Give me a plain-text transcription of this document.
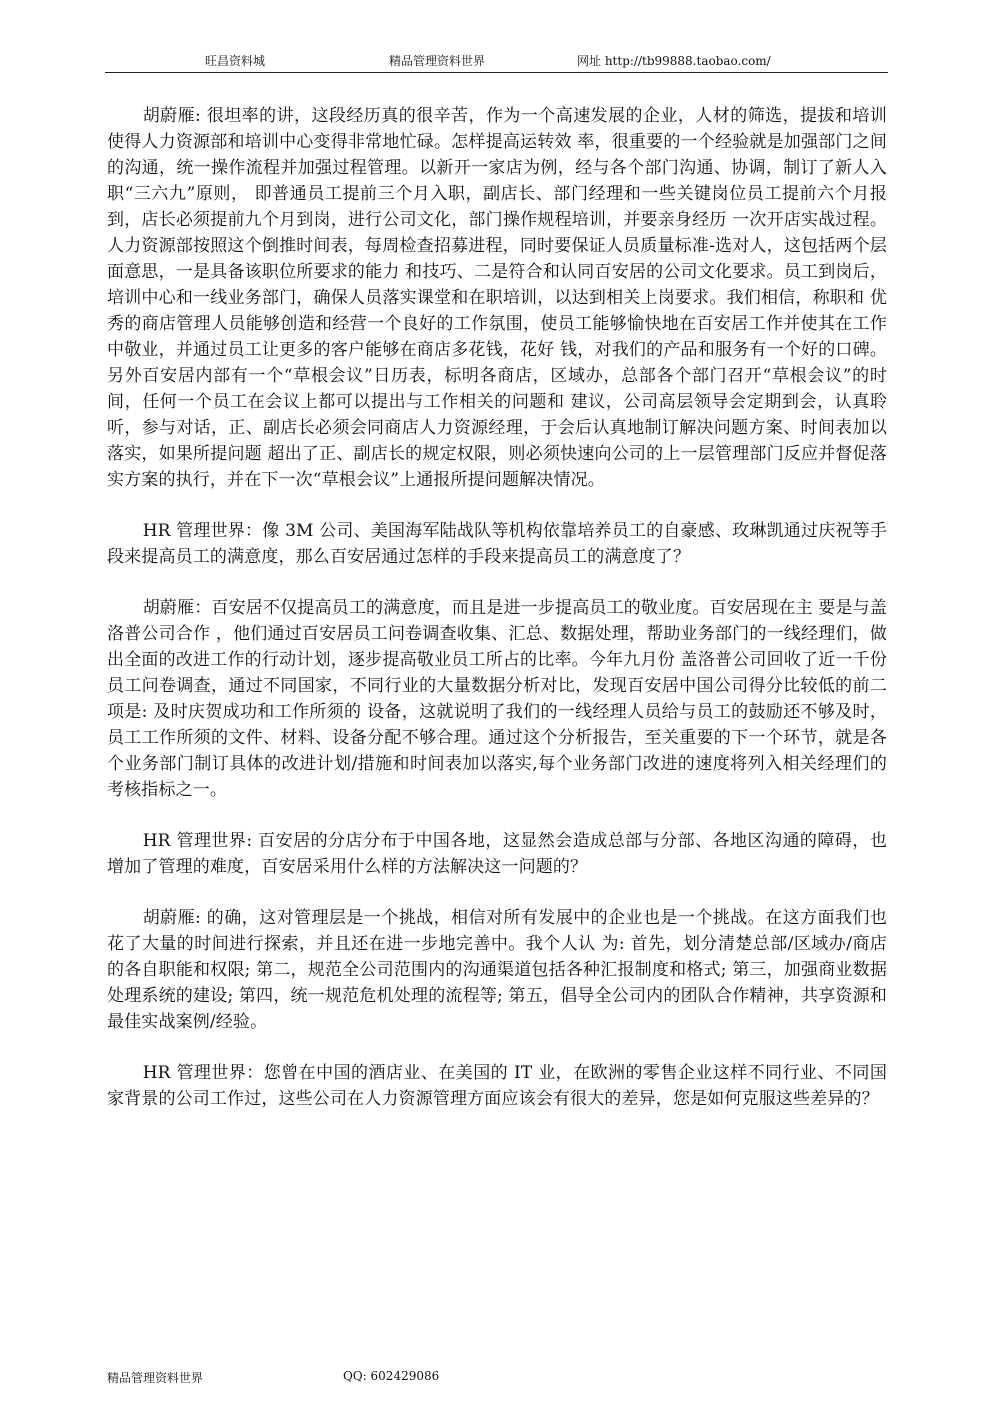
旺昌资料城	精品管理资料世界	网址 http://tb99888.taobao.com/

胡蔚雁: 很坦率的讲，这段经历真的很辛苦，作为一个高速发展的企业，人材的筛选，提拔和培训使得人力资源部和培训中心变得非常地忙碌。怎样提高运转效 率，很重要的一个经验就是加强部门之间的沟通，统一操作流程并加强过程管理。以新开一家店为例，经与各个部门沟通、协调，制订了新人入职“三六九”原则， 即普通员工提前三个月入职，副店长、部门经理和一些关键岗位员工提前六个月报到，店长必须提前九个月到岗，进行公司文化，部门操作规程培训，并要亲身经历 一次开店实战过程。人力资源部按照这个倒推时间表，每周检查招募进程，同时要保证人员质量标准-选对人，这包括两个层面意思，一是具备该职位所要求的能力 和技巧、二是符合和认同百安居的公司文化要求。员工到岗后，培训中心和一线业务部门，确保人员落实课堂和在职培训，以达到相关上岗要求。我们相信，称职和 优秀的商店管理人员能够创造和经营一个良好的工作氛围，使员工能够愉快地在百安居工作并使其在工作中敬业，并通过员工让更多的客户能够在商店多花钱，花好 钱，对我们的产品和服务有一个好的口碑。另外百安居内部有一个“草根会议”日历表，标明各商店，区域办，总部各个部门召开“草根会议”的时间，任何一个员工在会议上都可以提出与工作相关的问题和 建议，公司高层领导会定期到会，认真聆听，参与对话，正、副店长必须会同商店人力资源经理，于会后认真地制订解决问题方案、时间表加以落实，如果所提问题 超出了正、副店长的规定权限，则必须快速向公司的上一层管理部门反应并督促落实方案的执行，并在下一次“草根会议”上通报所提问题解决情况。

HR 管理世界：像 3M 公司、美国海军陆战队等机构依靠培养员工的自豪感、玫琳凯通过庆祝等手段来提高员工的满意度，那么百安居通过怎样的手段来提高员工的满意度了？

胡蔚雁：百安居不仅提高员工的满意度，而且是进一步提高员工的敬业度。百安居现在主 要是与盖洛普公司合作 ，他们通过百安居员工问卷调查收集、汇总、数据处理，帮助业务部门的一线经理们，做出全面的改进工作的行动计划，逐步提高敬业员工所占的比率。今年九月份 盖洛普公司回收了近一千份员工问卷调查，通过不同国家，不同行业的大量数据分析对比，发现百安居中国公司得分比较低的前二项是: 及时庆贺成功和工作所须的 设备，这就说明了我们的一线经理人员给与员工的鼓励还不够及时，员工工作所须的文件、材料、设备分配不够合理。通过这个分析报告，至关重要的下一个环节，就是各个业务部门制订具体的改进计划/措施和时间表加以落实,每个业务部门改进的速度将列入相关经理们的考核指标之一。

HR 管理世界: 百安居的分店分布于中国各地，这显然会造成总部与分部、各地区沟通的障碍，也增加了管理的难度，百安居采用什么样的方法解决这一问题的？

胡蔚雁: 的确，这对管理层是一个挑战，相信对所有发展中的企业也是一个挑战。在这方面我们也花了大量的时间进行探索，并且还在进一步地完善中。我个人认 为: 首先，划分清楚总部/区域办/商店的各自职能和权限; 第二，规范全公司范围内的沟通渠道包括各种汇报制度和格式; 第三，加强商业数据处理系统的建设; 第四，统一规范危机处理的流程等; 第五，倡导全公司内的团队合作精神，共享资源和最佳实战案例/经验。

HR 管理世界：您曾在中国的酒店业、在美国的 IT 业，在欧洲的零售企业这样不同行业、不同国家背景的公司工作过，这些公司在人力资源管理方面应该会有很大的差异，您是如何克服这些差异的？

精品管理资料世界	QQ: 602429086
